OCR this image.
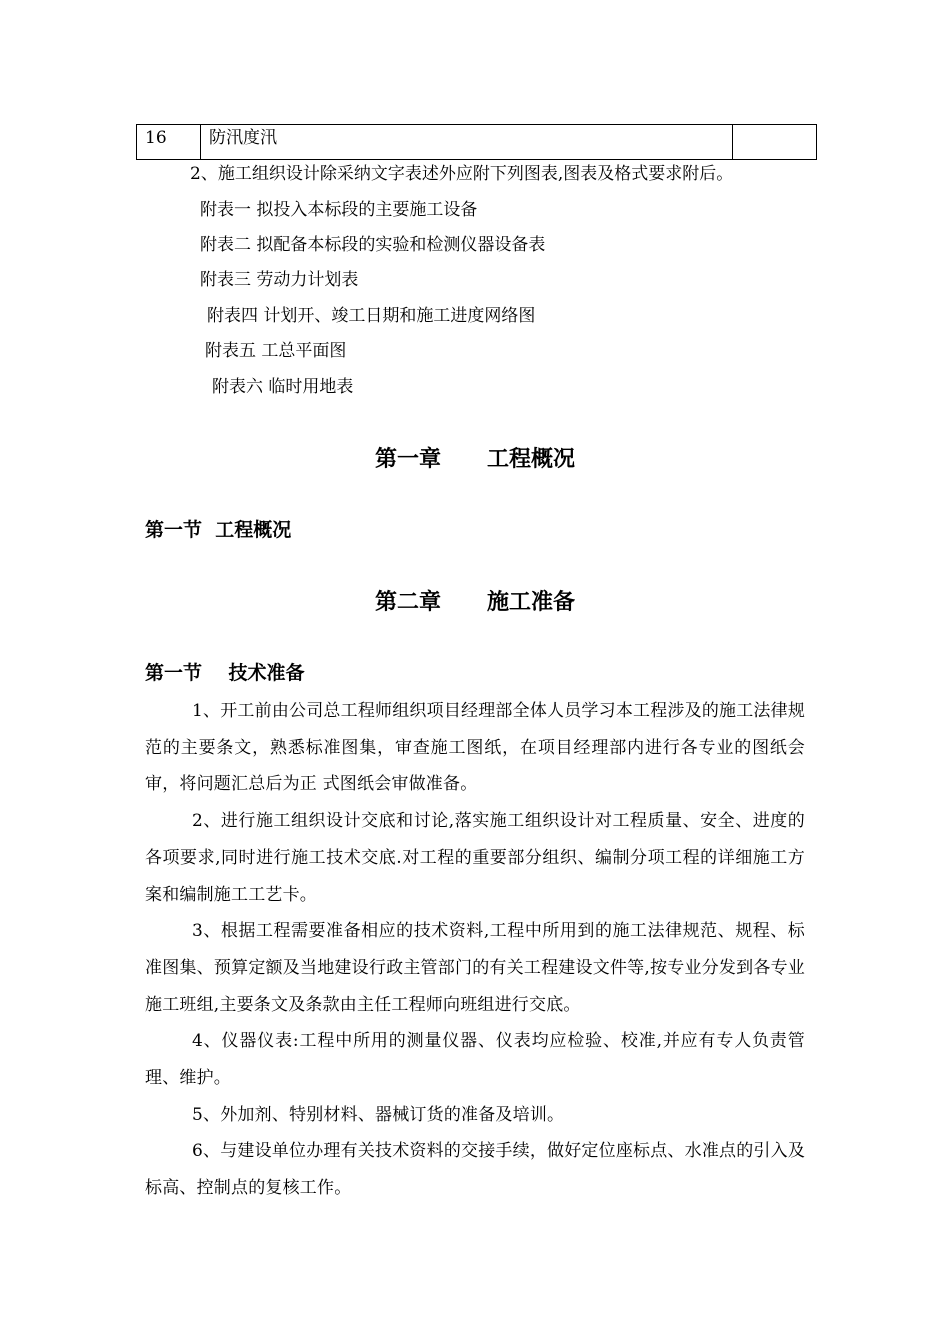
16	防汛度汛	
2、施工组织设计除采纳文字表述外应附下列图表,图表及格式要求附后。
附表一 拟投入本标段的主要施工设备
附表二 拟配备本标段的实验和检测仪器设备表
附表三 劳动力计划表
附表四 计划开、竣工日期和施工进度网络图
附表五 工总平面图
附表六 临时用地表
第一章      工程概况
第一节  工程概况
第二章      施工准备
第一节    技术准备

1、开工前由公司总工程师组织项目经理部全体人员学习本工程涉及的施工法律规范的主要条文，熟悉标准图集，审查施工图纸，在项目经理部内进行各专业的图纸会审，将问题汇总后为正 式图纸会审做准备。

2、进行施工组织设计交底和讨论,落实施工组织设计对工程质量、安全、进度的各项要求,同时进行施工技术交底.对工程的重要部分组织、编制分项工程的详细施工方案和编制施工工艺卡。

3、根据工程需要准备相应的技术资料,工程中所用到的施工法律规范、规程、标准图集、预算定额及当地建设行政主管部门的有关工程建设文件等,按专业分发到各专业施工班组,主要条文及条款由主任工程师向班组进行交底。

4、仪器仪表:工程中所用的测量仪器、仪表均应检验、校准,并应有专人负责管理、维护。

5、外加剂、特别材料、器械订货的准备及培训。

6、与建设单位办理有关技术资料的交接手续，做好定位座标点、水准点的引入及标高、控制点的复核工作。
